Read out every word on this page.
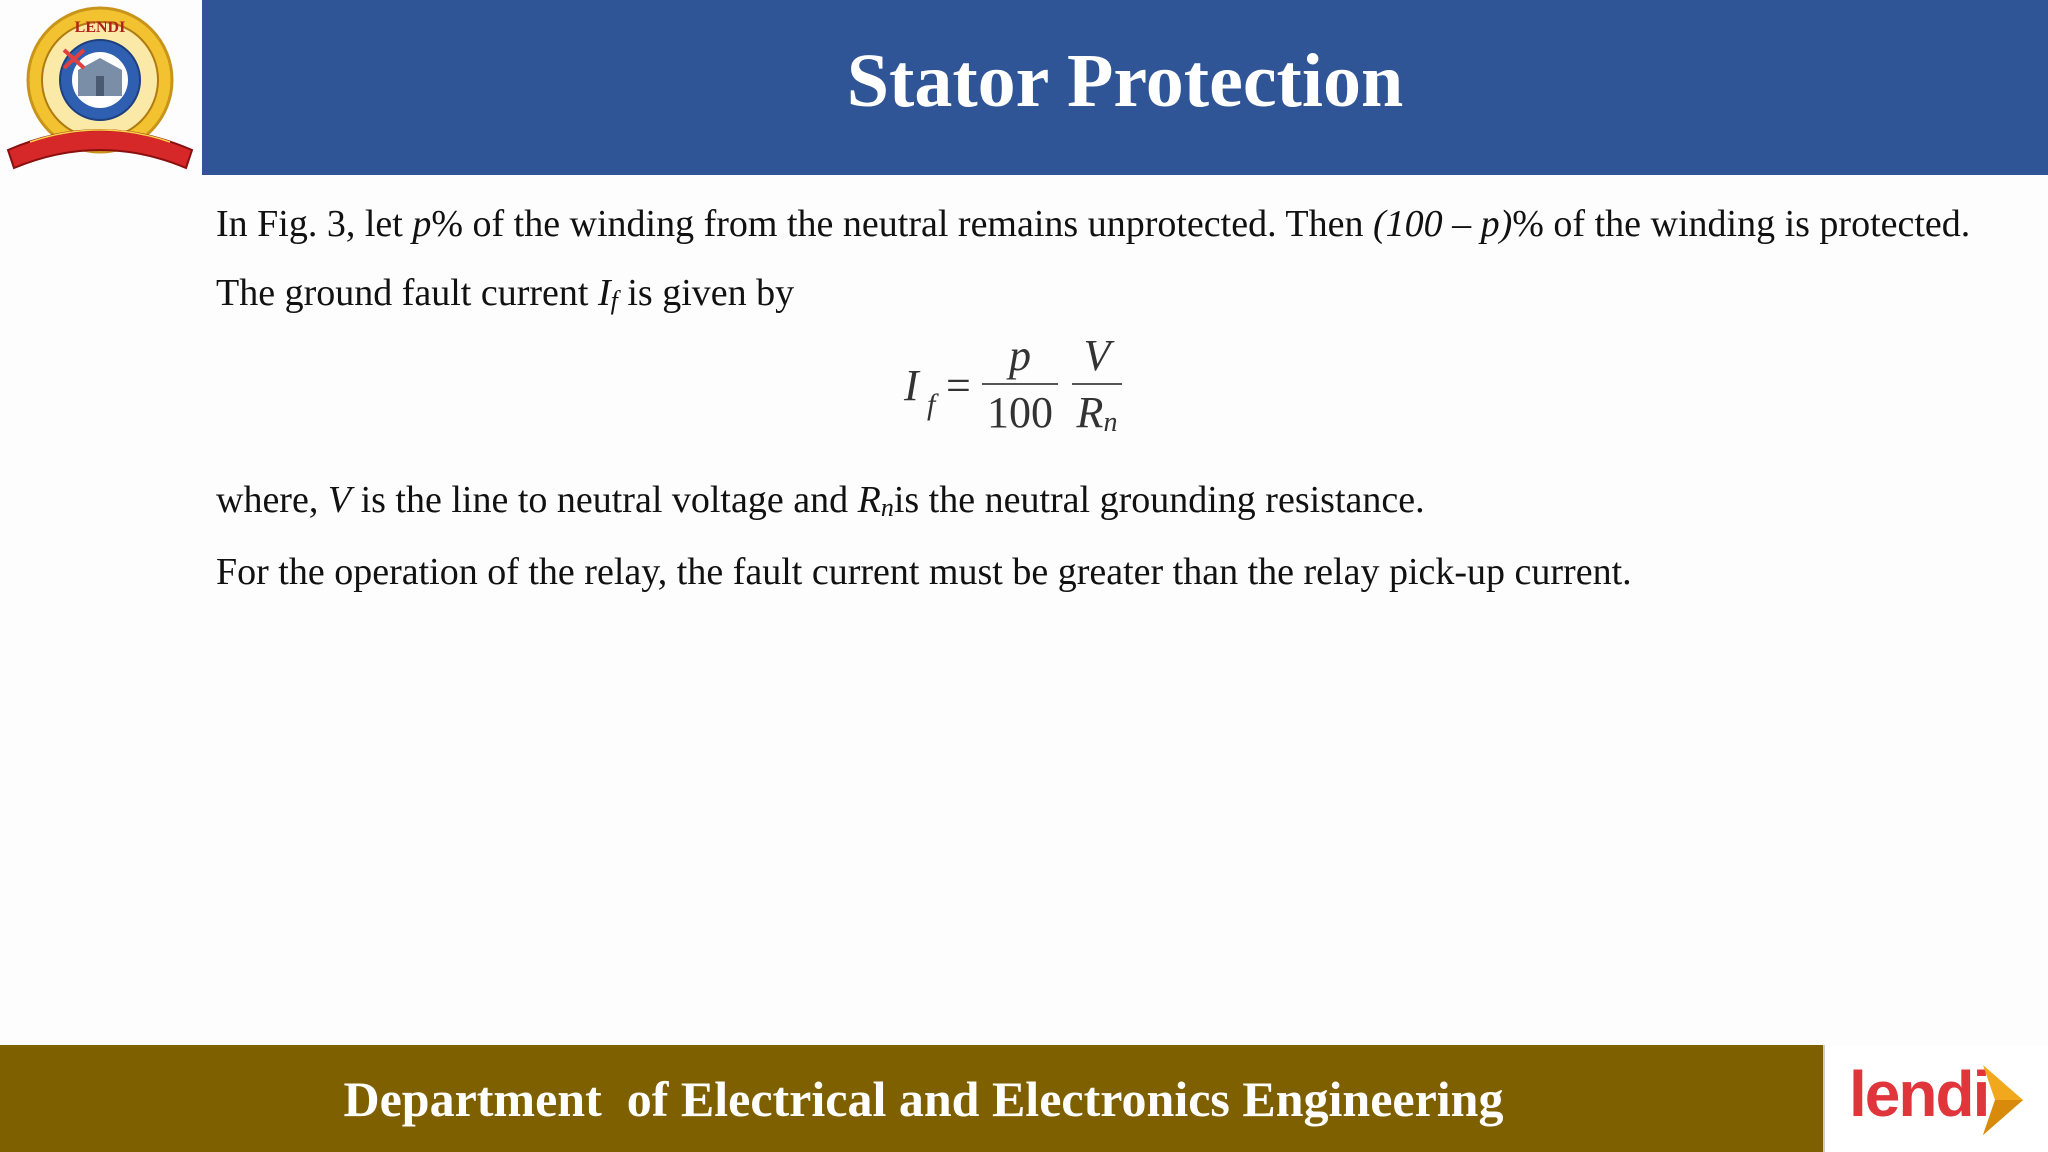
LENDI
Stator Protection

In Fig. 3, let p% of the winding from the neutral remains unprotected. Then (100 – p)% of the winding is protected. The ground fault current If is given by

I f =
p
100
V
Rn

where, V is the line to neutral voltage and Rnis the neutral grounding resistance.

For the operation of the relay, the fault current must be greater than the relay pick-up current.

Department  of Electrical and Electronics Engineering	lendi
